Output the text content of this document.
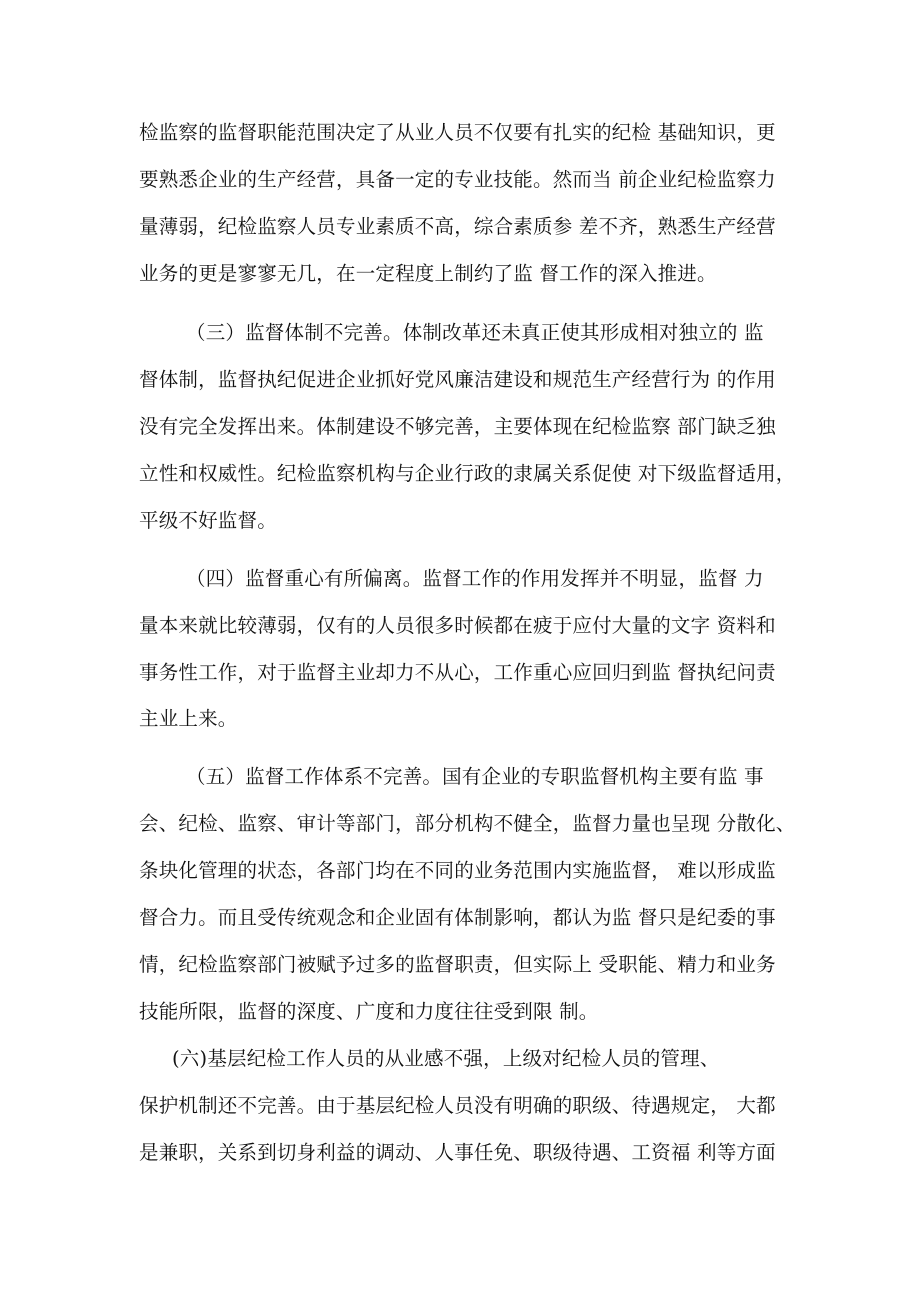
检监察的监督职能范围决定了从业人员不仅要有扎实的纪检 基础知识，更
要熟悉企业的生产经营，具备一定的专业技能。然而当 前企业纪检监察力
量薄弱，纪检监察人员专业素质不高，综合素质参 差不齐，熟悉生产经营
业务的更是寥寥无几，在一定程度上制约了监 督工作的深入推进。
（三）监督体制不完善。体制改革还未真正使其形成相对独立的 监
督体制，监督执纪促进企业抓好党风廉洁建设和规范生产经营行为 的作用
没有完全发挥出来。体制建设不够完善，主要体现在纪检监察 部门缺乏独
立性和权威性。纪检监察机构与企业行政的隶属关系促使 对下级监督适用，
平级不好监督。
（四）监督重心有所偏离。监督工作的作用发挥并不明显，监督 力
量本来就比较薄弱，仅有的人员很多时候都在疲于应付大量的文字 资料和
事务性工作，对于监督主业却力不从心，工作重心应回归到监 督执纪问责
主业上来。
（五）监督工作体系不完善。国有企业的专职监督机构主要有监 事
会、纪检、监察、审计等部门，部分机构不健全，监督力量也呈现 分散化、
条块化管理的状态，各部门均在不同的业务范围内实施监督， 难以形成监
督合力。而且受传统观念和企业固有体制影响，都认为监 督只是纪委的事
情，纪检监察部门被赋予过多的监督职责，但实际上 受职能、精力和业务
技能所限，监督的深度、广度和力度往往受到限 制。
(六)基层纪检工作人员的从业感不强，上级对纪检人员的管理、
保护机制还不完善。由于基层纪检人员没有明确的职级、待遇规定， 大都
是兼职，关系到切身利益的调动、人事任免、职级待遇、工资福 利等方面
